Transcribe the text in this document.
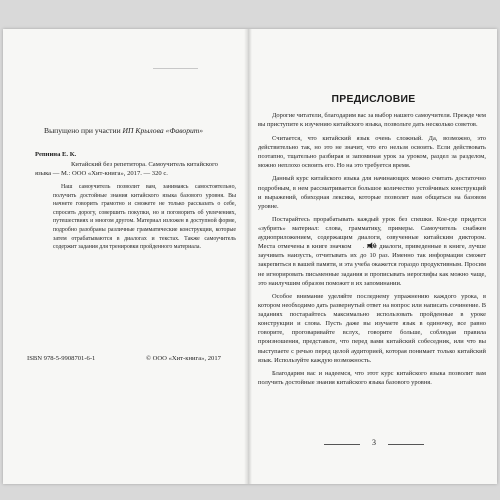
Выпущено при участии ИП Крылова «Фаворит»
Репнина Е. К.
Китайский без репетитора. Самоучитель китайского
языка — М.: ООО «Хит-книга», 2017. — 320 с.
Наш самоучитель позволит вам, занимаясь самостоятельно, получить достойные знания китайского языка базового уровня. Вы начнете говорить грамотно и сможете не только рассказать о себе, спросить дорогу, совершить покупки, но и поговорить об увлечениях, путешествиях и многом другом. Материал изложен в доступной форме, подробно разобраны различные грамматические конструкции, которые затем отрабатываются в диалогах и текстах. Также самоучитель содержит задания для тренировки пройденного материала.
ISBN 978-5-9908701-6-1	© ООО «Хит-книга», 2017
ПРЕДИСЛОВИЕ

Дорогие читатели, благодарим вас за выбор нашего самоучителя. Прежде чем вы приступите к изучению китайского языка, позвольте дать несколько советов.

Считается, что китайский язык очень сложный. Да, возможно, это действительно так, но это не значит, что его нельзя освоить. Если действовать поэтапно, тщательно разбирая и запоминая урок за уроком, раздел за разделом, можно неплохо освоить его. Но на это требуется время.

Данный курс китайского языка для начинающих можно считать достаточно подробным, в нем рассматривается большое количество устойчивых конструкций и выражений, обиходная лексика, которые позволят вам общаться на базовом уровне.

Постарайтесь прорабатывать каждый урок без спешки. Кое-где придется «зубрить» материал: слова, грамматику, примеры. Самоучитель снабжен аудиоприложением, содержащим диалоги, озвученные китайским диктором. Места отмечены в книге значком . Все диалоги, приведенные в книге, лучше заучивать наизусть, отчитывать их до 10 раз. Именно так информация сможет закрепиться в вашей памяти, и эта учеба окажется гораздо продуктивным. Просим не игнорировать письменные задания и прописывать иероглифы как можно чаще, это наилучшим образом поможет в их запоминании.

Особое внимание уделяйте последнему упражнению каждого урока, в котором необходимо дать развернутый ответ на вопрос или написать сочинение. В заданиях постарайтесь максимально использовать пройденные в уроке конструкции и слова. Пусть даже вы изучаете язык в одиночку, все равно говорите, проговаривайте вслух, говорите больше, соблюдая правила произношения, представьте, что перед вами китайский собеседник, или что вы выступаете с речью перед целой аудиторией, которая понимает только китайский язык. Используйте каждую возможность.

Благодарим вас и надеемся, что этот курс китайского языка позволит вам получить достойные знания китайского языка базового уровня.

3
